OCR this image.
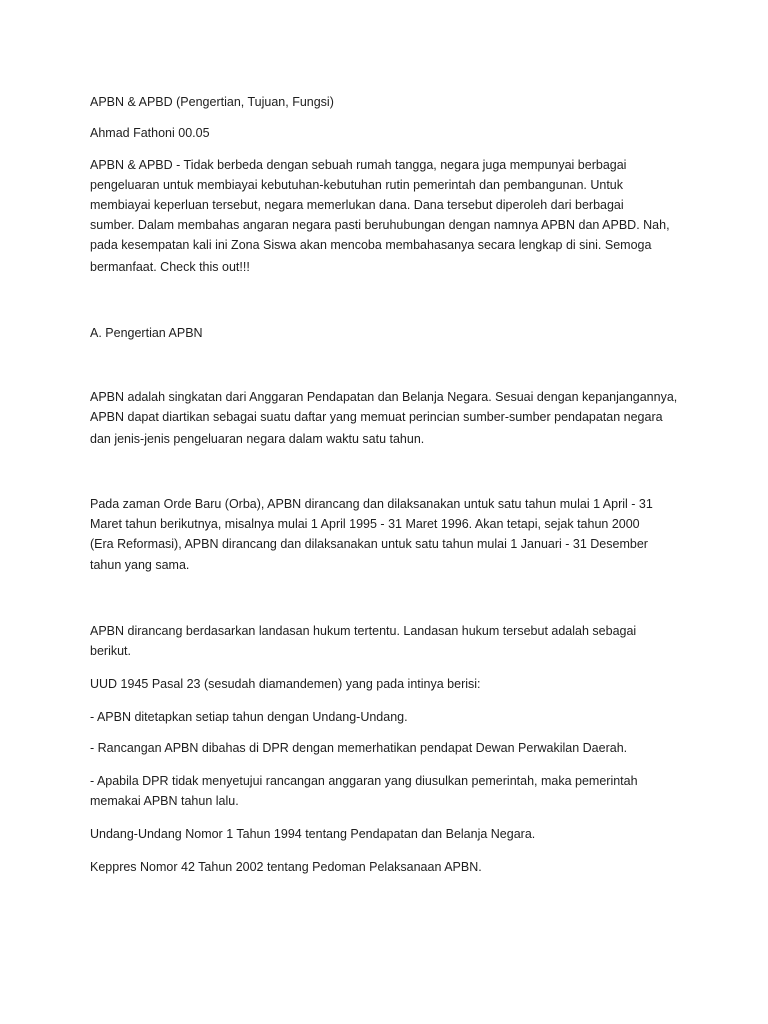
APBN & APBD (Pengertian, Tujuan, Fungsi)

Ahmad Fathoni 00.05

APBN & APBD - Tidak berbeda dengan sebuah rumah tangga, negara juga mempunyai berbagai

pengeluaran untuk membiayai kebutuhan-kebutuhan rutin pemerintah dan pembangunan. Untuk

membiayai keperluan tersebut, negara memerlukan dana. Dana tersebut diperoleh dari berbagai

sumber. Dalam membahas angaran negara pasti beruhubungan dengan namnya APBN dan APBD. Nah,

pada kesempatan kali ini Zona Siswa akan mencoba membahasanya secara lengkap di sini. Semoga

bermanfaat. Check this out!!!

A. Pengertian APBN

APBN adalah singkatan dari Anggaran Pendapatan dan Belanja Negara. Sesuai dengan kepanjangannya,

APBN dapat diartikan sebagai suatu daftar yang memuat perincian sumber-sumber pendapatan negara

dan jenis-jenis pengeluaran negara dalam waktu satu tahun.

Pada zaman Orde Baru (Orba), APBN dirancang dan dilaksanakan untuk satu tahun mulai 1 April - 31

Maret tahun berikutnya, misalnya mulai 1 April 1995 - 31 Maret 1996. Akan tetapi, sejak tahun 2000

(Era Reformasi), APBN dirancang dan dilaksanakan untuk satu tahun mulai 1 Januari - 31 Desember

tahun yang sama.

APBN dirancang berdasarkan landasan hukum tertentu. Landasan hukum tersebut adalah sebagai

berikut.

UUD 1945 Pasal 23 (sesudah diamandemen) yang pada intinya berisi:

- APBN ditetapkan setiap tahun dengan Undang-Undang.

- Rancangan APBN dibahas di DPR dengan memerhatikan pendapat Dewan Perwakilan Daerah.

- Apabila DPR tidak menyetujui rancangan anggaran yang diusulkan pemerintah, maka pemerintah

memakai APBN tahun lalu.

Undang-Undang Nomor 1 Tahun 1994 tentang Pendapatan dan Belanja Negara.

Keppres Nomor 42 Tahun 2002 tentang Pedoman Pelaksanaan APBN.
